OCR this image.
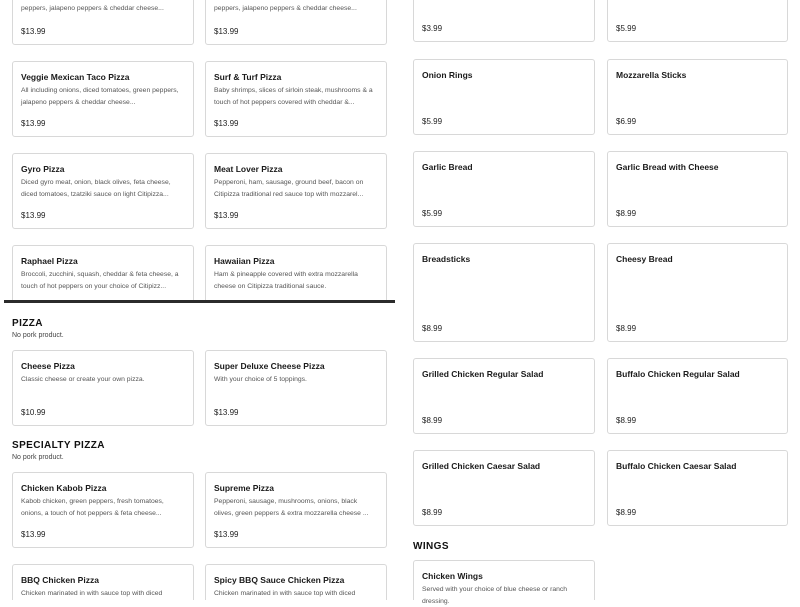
peppers, jalapeno peppers & cheddar cheese...
$13.99
peppers, jalapeno peppers & cheddar cheese...
$13.99
Veggie Mexican Taco Pizza
All including onions, diced tomatoes, green peppers, jalapeno peppers & cheddar cheese...
$13.99
Surf & Turf Pizza
Baby shrimps, slices of sirloin steak, mushrooms & a touch of hot peppers covered with cheddar &...
$13.99
Gyro Pizza
Diced gyro meat, onion, black olives, feta cheese, diced tomatoes, tzatziki sauce on light Citipizza...
$13.99
Meat Lover Pizza
Pepperoni, ham, sausage, ground beef, bacon on Citipizza traditional red sauce top with mozzarel...
$13.99
Raphael Pizza
Broccoli, zucchini, squash, cheddar & feta cheese, a touch of hot peppers on your choice of Citipizz...
Hawaiian Pizza
Ham & pineapple covered with extra mozzarella cheese on Citipizza traditional sauce.
PIZZA
No pork product.
Cheese Pizza
Classic cheese or create your own pizza.
$10.99
Super Deluxe Cheese Pizza
With your choice of 5 toppings.
$13.99
SPECIALTY PIZZA
No pork product.
Chicken Kabob Pizza
Kabob chicken, green peppers, fresh tomatoes, onions, a touch of hot peppers & feta cheese...
$13.99
Supreme Pizza
Pepperoni, sausage, mushrooms, onions, black olives, green peppers & extra mozzarella cheese ...
$13.99
BBQ Chicken Pizza
Chicken marinated in with sauce top with diced
Spicy BBQ Sauce Chicken Pizza
Chicken marinated in with sauce top with diced
$3.99	$5.99
Onion Rings
$5.99
Mozzarella Sticks
$6.99
Garlic Bread
$5.99
Garlic Bread with Cheese
$8.99
Breadsticks
$8.99
Cheesy Bread
$8.99
Grilled Chicken Regular Salad
$8.99
Buffalo Chicken Regular Salad
$8.99
Grilled Chicken Caesar Salad
$8.99
Buffalo Chicken Caesar Salad
$8.99
WINGS
Chicken Wings
Served with your choice of blue cheese or ranch dressing.
